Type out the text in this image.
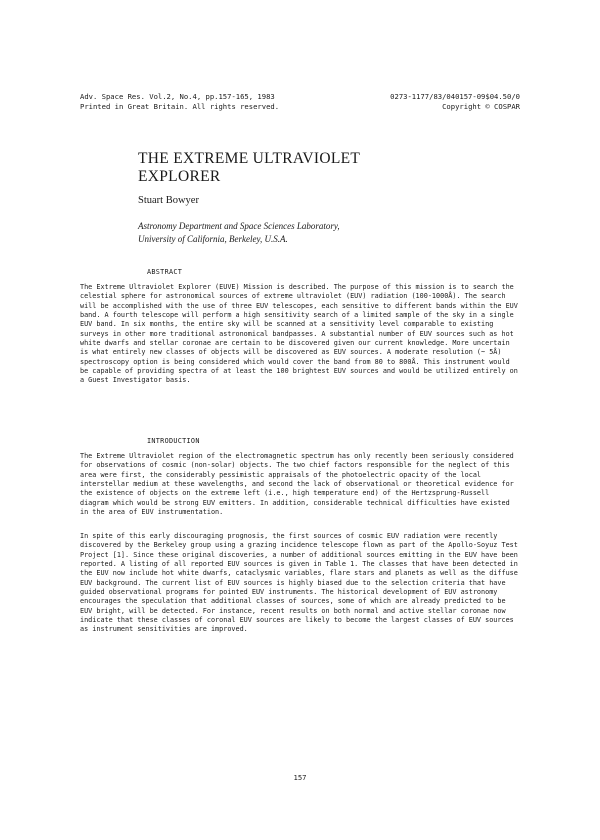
Adv. Space Res. Vol.2, No.4, pp.157-165, 1983
Printed in Great Britain. All rights reserved.
0273-1177/83/040157-09$04.50/0
Copyright © COSPAR
THE EXTREME ULTRAVIOLET
EXPLORER
Stuart Bowyer
Astronomy Department and Space Sciences Laboratory,
University of California, Berkeley, U.S.A.
ABSTRACT

The Extreme Ultraviolet Explorer (EUVE) Mission is described. The purpose of this mission is to search the celestial sphere for astronomical sources of extreme ultraviolet (EUV) radiation (100-1000Å). The search will be accomplished with the use of three EUV telescopes, each sensitive to different bands within the EUV band. A fourth telescope will perform a high sensitivity search of a limited sample of the sky in a single EUV band. In six months, the entire sky will be scanned at a sensitivity level comparable to existing surveys in other more traditional astronomical bandpasses. A substantial number of EUV sources such as hot white dwarfs and stellar coronae are certain to be discovered given our current knowledge. More uncertain is what entirely new classes of objects will be discovered as EUV sources. A moderate resolution (~ 5Å) spectroscopy option is being considered which would cover the band from 80 to 800Å. This instrument would be capable of providing spectra of at least the 100 brightest EUV sources and would be utilized entirely on a Guest Investigator basis.

INTRODUCTION

The Extreme Ultraviolet region of the electromagnetic spectrum has only recently been seriously considered for observations of cosmic (non-solar) objects. The two chief factors responsible for the neglect of this area were first, the considerably pessimistic appraisals of the photoelectric opacity of the local interstellar medium at these wavelengths, and second the lack of observational or theoretical evidence for the existence of objects on the extreme left (i.e., high temperature end) of the Hertzsprung-Russell diagram which would be strong EUV emitters. In addition, considerable technical difficulties have existed in the area of EUV instrumentation.

In spite of this early discouraging prognosis, the first sources of cosmic EUV radiation were recently discovered by the Berkeley group using a grazing incidence telescope flown as part of the Apollo-Soyuz Test Project [1]. Since these original discoveries, a number of additional sources emitting in the EUV have been reported. A listing of all reported EUV sources is given in Table 1. The classes that have been detected in the EUV now include hot white dwarfs, cataclysmic variables, flare stars and planets as well as the diffuse EUV background. The current list of EUV sources is highly biased due to the selection criteria that have guided observational programs for pointed EUV instruments. The historical development of EUV astronomy encourages the speculation that additional classes of sources, some of which are already predicted to be EUV bright, will be detected. For instance, recent results on both normal and active stellar coronae now indicate that these classes of coronal EUV sources are likely to become the largest classes of EUV sources as instrument sensitivities are improved.

157
